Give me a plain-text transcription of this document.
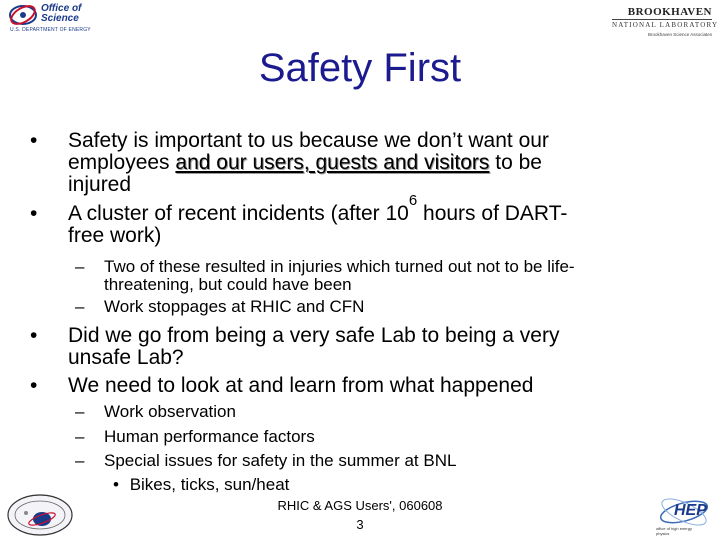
Office of
Science
U.S. DEPARTMENT OF ENERGY
BROOKHAVEN
NATIONAL LABORATORY
Brookhaven Science Associates
Safety First
• Safety is important to us because we don’t want our
employees and our users, guests and visitors to be
injured
• A cluster of recent incidents (after $10^6$ hours of DART-
free work)
– Two of these resulted in injuries which turned out not to be life-
threatening, but could have been
– Work stoppages at RHIC and CFN
• Did we go from being a very safe Lab to being a very
unsafe Lab?
• We need to look at and learn from what happened
– Work observation
– Human performance factors
– Special issues for safety in the summer at BNL
• Bikes, ticks, sun/heat
RHIC & AGS Users', 060608
3
HEP
office of high energy physics
